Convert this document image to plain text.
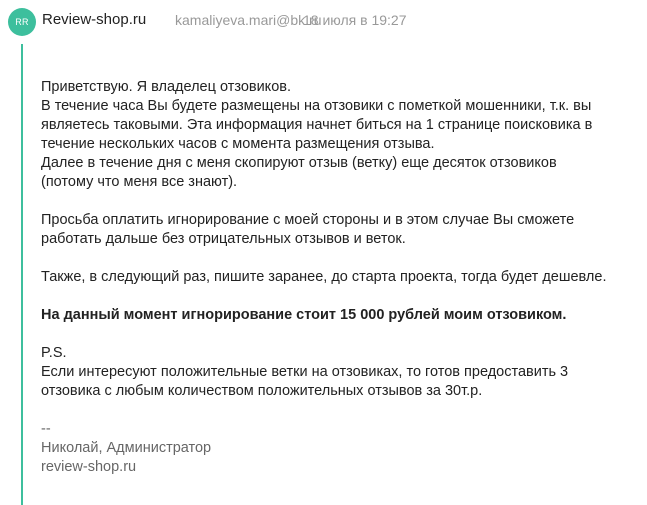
RR Review-shop.ru kamaliyeva.mari@bk.ru
18 июля в 19:27

Приветствую. Я владелец отзовиков.

В течение часа Вы будете размещены на отзовики с пометкой мошенники, т.к. вы

являетесь таковыми. Эта информация начнет биться на 1 странице поисковика в

течение нескольких часов с момента размещения отзыва.

Далее в течение дня с меня скопируют отзыв (ветку) еще десяток отзовиков

(потому что меня все знают).

Просьба оплатить игнорирование с моей стороны и в этом случае Вы сможете

работать дальше без отрицательных отзывов и веток.

Также, в следующий раз, пишите заранее, до старта проекта, тогда будет дешевле.

На данный момент игнорирование стоит 15 000 рублей моим отзовиком.

P.S.

Если интересуют положительные ветки на отзовиках, то готов предоставить 3

отзовика с любым количеством положительных отзывов за 30т.р.

--

Николай, Администратор

review-shop.ru
